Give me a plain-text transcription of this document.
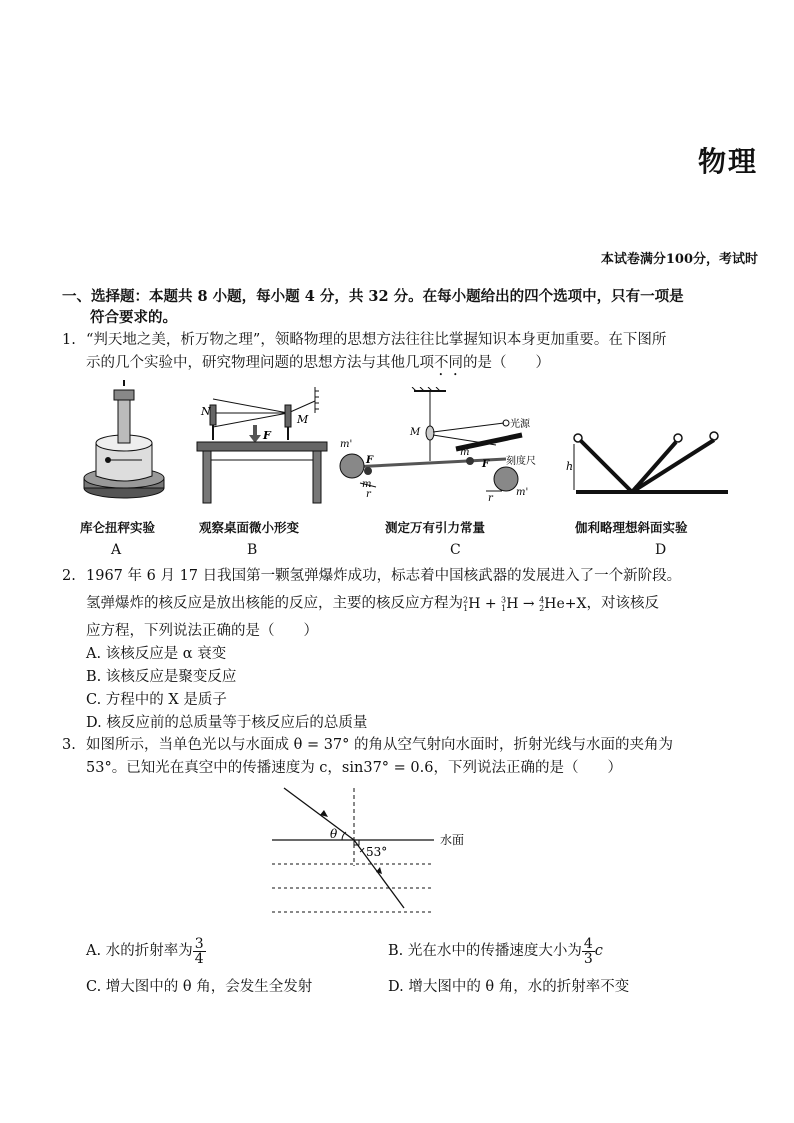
物理
本试卷满分100分，考试时
一、选择题：本题共 8 小题，每小题 4 分，共 32 分。在每小题给出的四个选项中，只有一项是
符合要求的。
1. “判天地之美，析万物之理”，领略物理的思想方法往往比掌握知识本身更加重要。在下图所
示的几个实验中，研究物理问题的思想方法与其他几项不同的是（　　）
库仑扭秤实验
A
N
M
F
观察桌面微小形变
B
m'
F
m
r
M
光源
刻度尺
m
F
m'
r
测定万有引力常量
C
h
伽利略理想斜面实验
D
2. 1967 年 6 月 17 日我国第一颗氢弹爆炸成功，标志着中国核武器的发展进入了一个新阶段。
氢弹爆炸的核反应是放出核能的反应，主要的核反应方程为$^2_1$H + $^3_1$H → $^4_2$He+X，对该核反
应方程，下列说法正确的是（　　）
A. 该核反应是 α 衰变
B. 该核反应是聚变反应
C. 方程中的 X 是质子
D. 核反应前的总质量等于核反应后的总质量
3. 如图所示，当单色光以与水面成 θ = 37° 的角从空气射向水面时，折射光线与水面的夹角为
53°。已知光在真空中的传播速度为 c，sin37° = 0.6，下列说法正确的是（　　）
θ
53°
水面
A. 水的折射率为 $\frac{3}{4}$	B. 光在水中的传播速度大小为 $\frac{4}{3}$ c
C. 增大图中的 θ 角，会发生全发射	D. 增大图中的 θ 角，水的折射率不变
